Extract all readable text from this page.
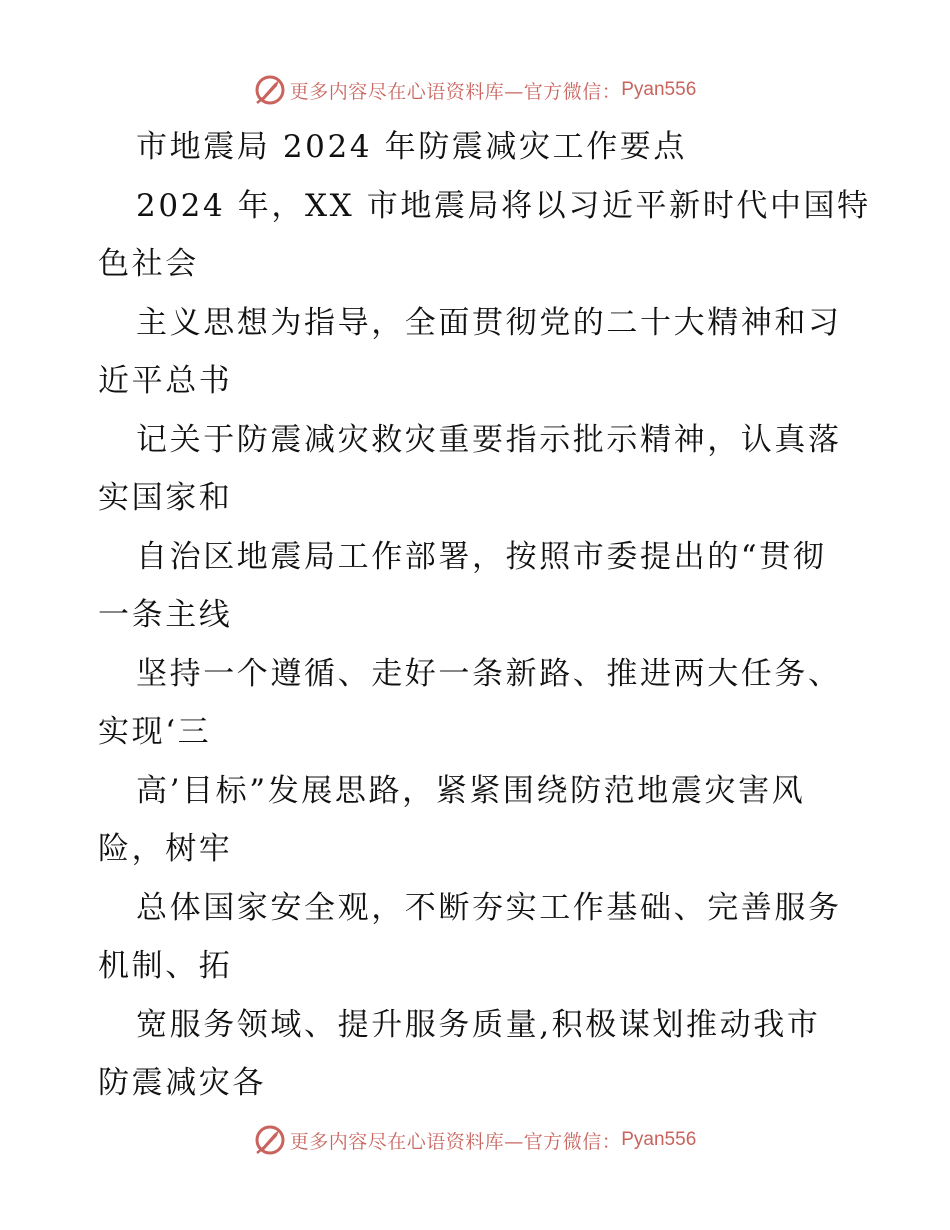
更多内容尽在心语资料库—官方微信： Pyan556
市地震局 2024 年防震减灾工作要点
2024 年，XX 市地震局将以习近平新时代中国特
色社会
主义思想为指导，全面贯彻党的二十大精神和习
近平总书
记关于防震减灾救灾重要指示批示精神，认真落
实国家和
自治区地震局工作部署，按照市委提出的“贯彻
一条主线
坚持一个遵循、走好一条新路、推进两大任务、
实现‘三
高’目标”发展思路，紧紧围绕防范地震灾害风
险，树牢
总体国家安全观，不断夯实工作基础、完善服务
机制、拓
宽服务领域、提升服务质量,积极谋划推动我市
防震减灾各
更多内容尽在心语资料库—官方微信： Pyan556
